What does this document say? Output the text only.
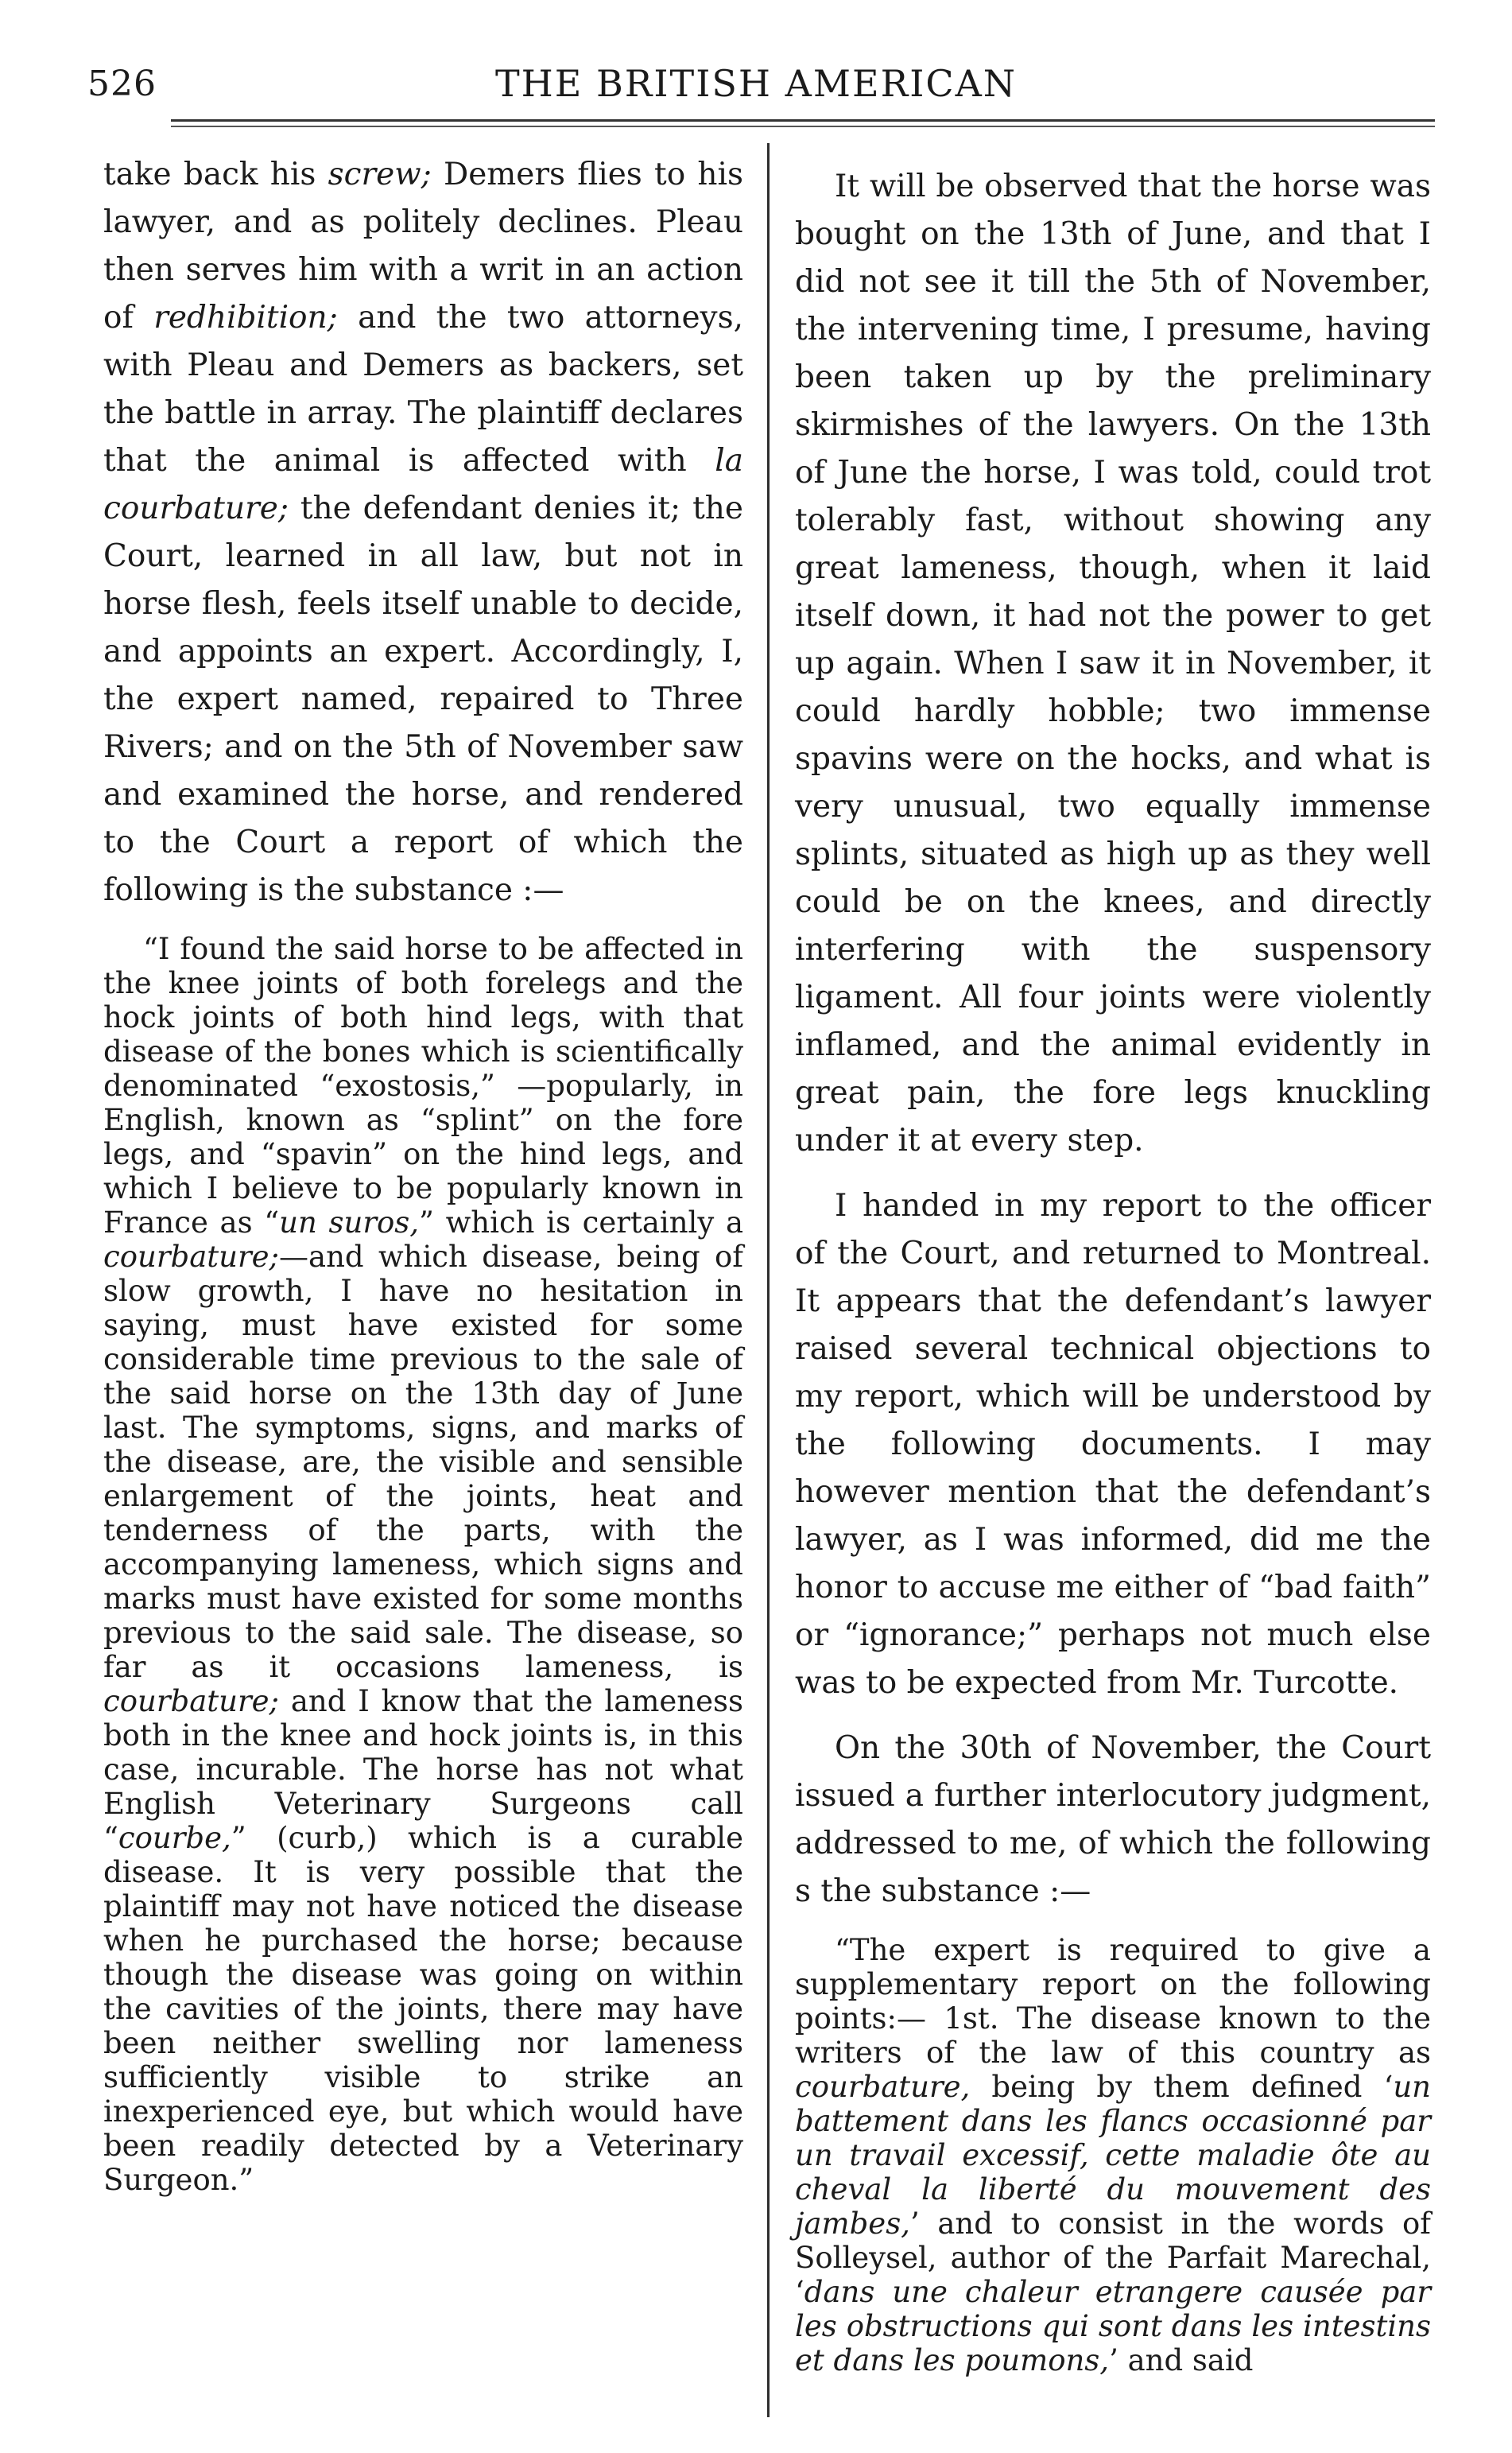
526	THE BRITISH AMERICAN

take back his screw; Demers flies to his lawyer, and as politely declines. Pleau then serves him with a writ in an action of redhibition; and the two attorneys, with Pleau and Demers as backers, set the battle in array. The plaintiff declares that the animal is affected with la courbature; the defendant denies it; the Court, learned in all law, but not in horse flesh, feels itself unable to decide, and appoints an expert. Accordingly, I, the expert named, repaired to Three Rivers; and on the 5th of November saw and examined the horse, and rendered to the Court a report of which the following is the substance :—

“I found the said horse to be affected in the knee joints of both forelegs and the hock joints of both hind legs, with that disease of the bones which is scientifically denominated “exostosis,” —popularly, in English, known as “splint” on the fore legs, and “spavin” on the hind legs, and which I believe to be popularly known in France as “un suros,” which is certainly a courbature;—and which disease, being of slow growth, I have no hesitation in saying, must have existed for some considerable time previous to the sale of the said horse on the 13th day of June last. The symptoms, signs, and marks of the disease, are, the visible and sensible enlargement of the joints, heat and tenderness of the parts, with the accompanying lameness, which signs and marks must have existed for some months previous to the said sale. The disease, so far as it occasions lameness, is courbature; and I know that the lameness both in the knee and hock joints is, in this case, incurable. The horse has not what English Veterinary Surgeons call “courbe,” (curb,) which is a curable disease. It is very possible that the plaintiff may not have noticed the disease when he purchased the horse; because though the disease was going on within the cavities of the joints, there may have been neither swelling nor lameness sufficiently visible to strike an inexperienced eye, but which would have been readily detected by a Veterinary Surgeon.”

It will be observed that the horse was bought on the 13th of June, and that I did not see it till the 5th of November, the intervening time, I presume, having been taken up by the preliminary skirmishes of the lawyers. On the 13th of June the horse, I was told, could trot tolerably fast, without showing any great lameness, though, when it laid itself down, it had not the power to get up again. When I saw it in November, it could hardly hobble; two immense spavins were on the hocks, and what is very unusual, two equally immense splints, situated as high up as they well could be on the knees, and directly interfering with the suspensory ligament. All four joints were violently inflamed, and the animal evidently in great pain, the fore legs knuckling under it at every step.

I handed in my report to the officer of the Court, and returned to Montreal. It appears that the defendant’s lawyer raised several technical objections to my report, which will be understood by the following documents. I may however mention that the defendant’s lawyer, as I was informed, did me the honor to accuse me either of “bad faith” or “ignorance;” perhaps not much else was to be expected from Mr. Turcotte.

On the 30th of November, the Court issued a further interlocutory judgment, addressed to me, of which the following s the substance :—

“The expert is required to give a supplementary report on the following points:— 1st. The disease known to the writers of the law of this country as courbature, being by them defined ‘un battement dans les flancs occasionné par un travail excessif, cette maladie ôte au cheval la liberté du mouvement des jambes,’ and to consist in the words of Solleysel, author of the Parfait Marechal, ‘dans une chaleur etrangere causée par les obstructions qui sont dans les intestins et dans les poumons,’ and said
